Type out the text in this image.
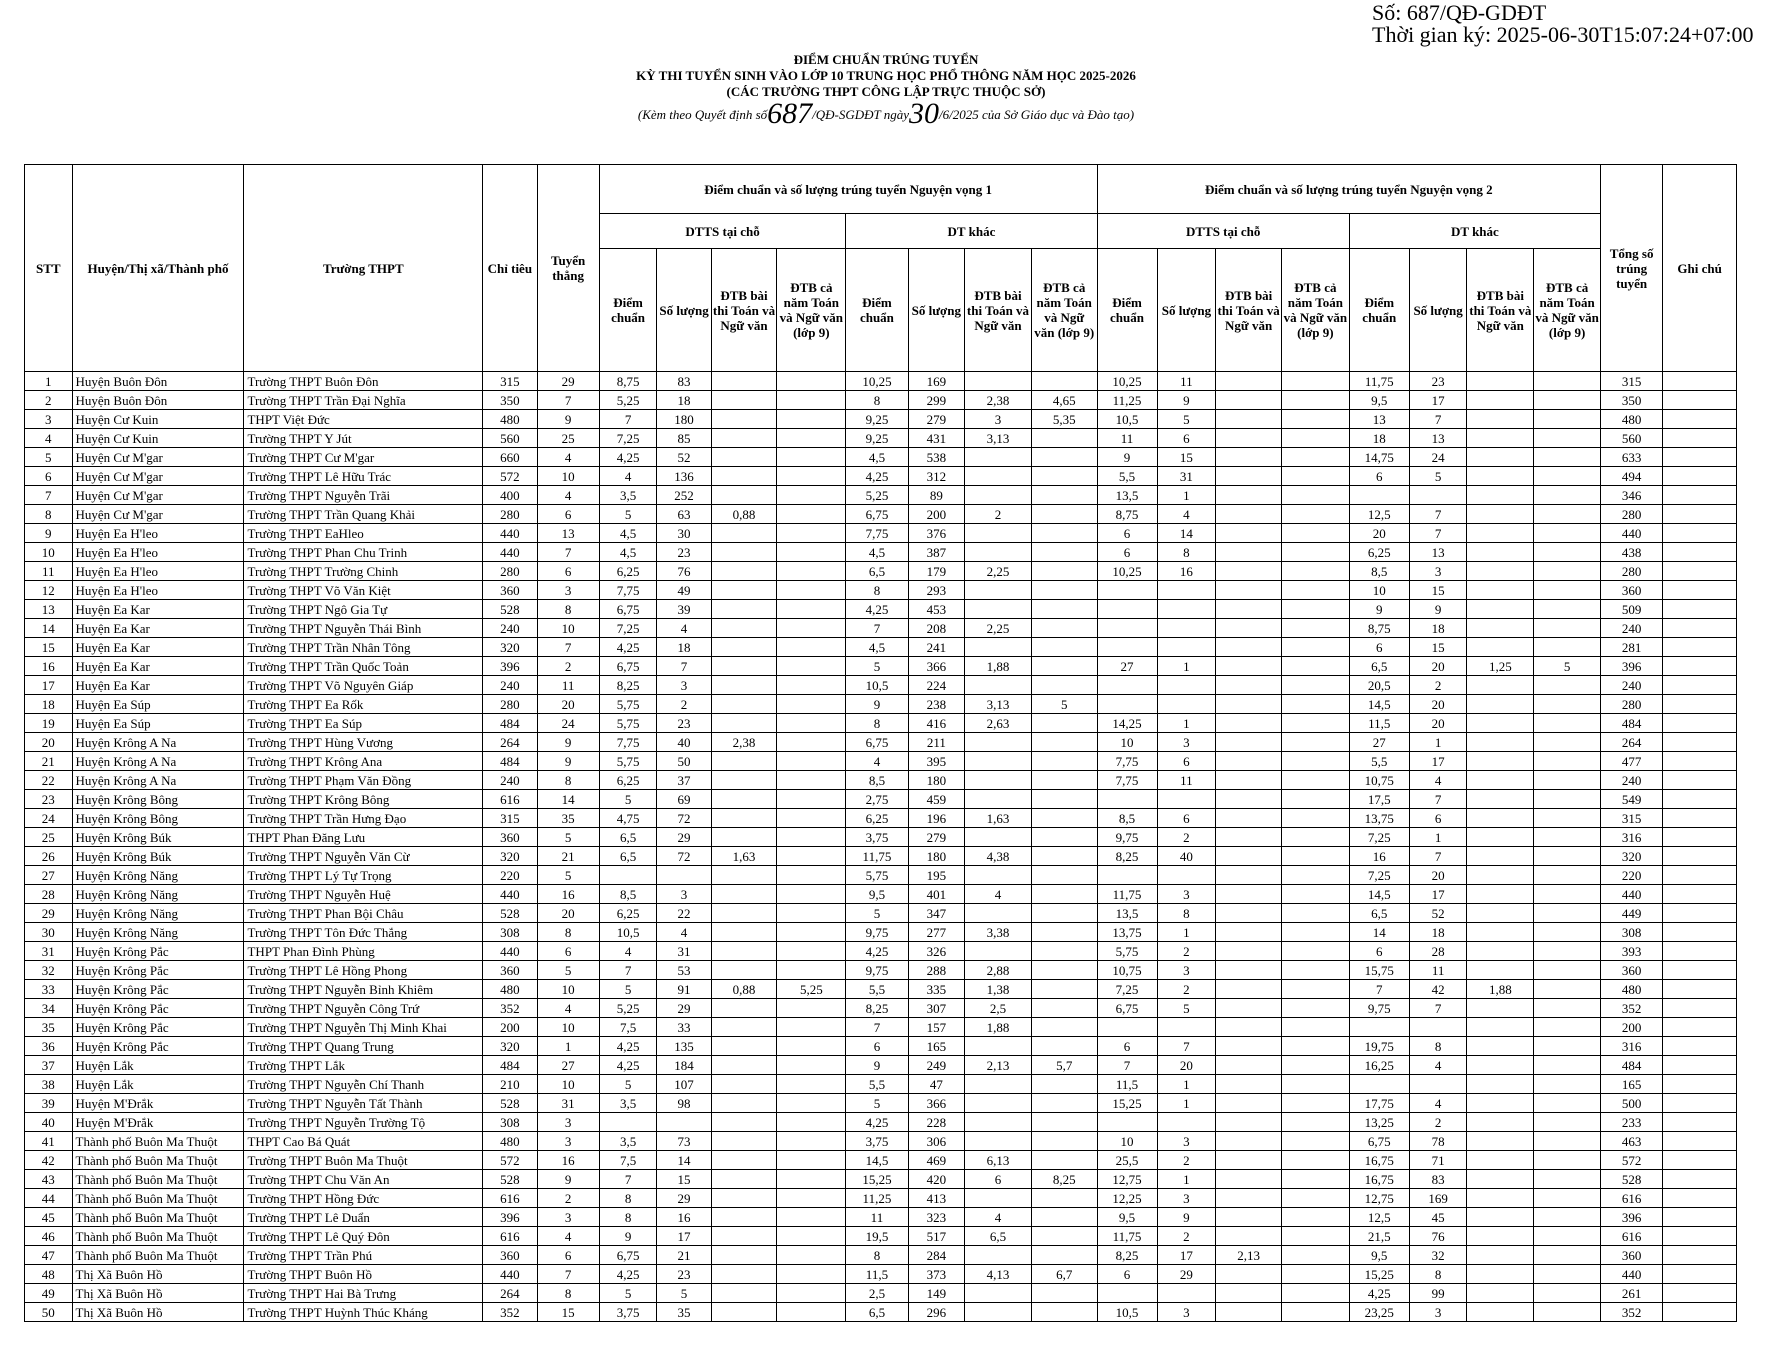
Số: 687/QĐ-GDĐT
Thời gian ký: 2025-06-30T15:07:24+07:00
ĐIỂM CHUẨN TRÚNG TUYỂN
KỲ THI TUYỂN SINH VÀO LỚP 10 TRUNG HỌC PHỔ THÔNG NĂM HỌC 2025-2026
(CÁC TRƯỜNG THPT CÔNG LẬP TRỰC THUỘC SỞ)
(Kèm theo Quyết định số687/QĐ-SGDĐT ngày30/6/2025 của Sở Giáo dục và Đào tạo)
STT	Huyện/Thị xã/Thành phố	Trường THPT	Chỉ tiêu	Tuyển thẳng	Điểm chuẩn và số lượng trúng tuyển Nguyện vọng 1								Điểm chuẩn và số lượng trúng tuyển Nguyện vọng 2								Tổng số trúng tuyển	Ghi chú
					DTTS tại chỗ				DT khác				DTTS tại chỗ				DT khác					
					Điểm chuẩn	Số lượng	ĐTB bài thi Toán và Ngữ văn	ĐTB cả năm Toán và Ngữ văn (lớp 9)	Điểm chuẩn	Số lượng	ĐTB bài thi Toán và Ngữ văn	ĐTB cả năm Toán và Ngữ văn (lớp 9)	Điểm chuẩn	Số lượng	ĐTB bài thi Toán và Ngữ văn	ĐTB cả năm Toán và Ngữ văn (lớp 9)	Điểm chuẩn	Số lượng	ĐTB bài thi Toán và Ngữ văn	ĐTB cả năm Toán và Ngữ văn (lớp 9)		
1	Huyện Buôn Đôn	Trường THPT Buôn Đôn	315	29	8,75	83			10,25	169			10,25	11			11,75	23			315	
2	Huyện Buôn Đôn	Trường THPT Trần Đại Nghĩa	350	7	5,25	18			8	299	2,38	4,65	11,25	9			9,5	17			350	
3	Huyện Cư Kuin	THPT Việt Đức	480	9	7	180			9,25	279	3	5,35	10,5	5			13	7			480	
4	Huyện Cư Kuin	Trường THPT Y Jút	560	25	7,25	85			9,25	431	3,13		11	6			18	13			560	
5	Huyện Cư M'gar	Trường THPT Cư M'gar	660	4	4,25	52			4,5	538			9	15			14,75	24			633	
6	Huyện Cư M'gar	Trường THPT Lê Hữu Trác	572	10	4	136			4,25	312			5,5	31			6	5			494	
7	Huyện Cư M'gar	Trường THPT Nguyễn Trãi	400	4	3,5	252			5,25	89			13,5	1							346	
8	Huyện Cư M'gar	Trường THPT Trần Quang Khải	280	6	5	63	0,88		6,75	200	2		8,75	4			12,5	7			280	
9	Huyện Ea H'leo	Trường THPT EaHleo	440	13	4,5	30			7,75	376			6	14			20	7			440	
10	Huyện Ea H'leo	Trường THPT Phan Chu Trinh	440	7	4,5	23			4,5	387			6	8			6,25	13			438	
11	Huyện Ea H'leo	Trường THPT Trường Chinh	280	6	6,25	76			6,5	179	2,25		10,25	16			8,5	3			280	
12	Huyện Ea H'leo	Trường THPT Võ Văn Kiệt	360	3	7,75	49			8	293							10	15			360	
13	Huyện Ea Kar	Trường THPT Ngô Gia Tự	528	8	6,75	39			4,25	453							9	9			509	
14	Huyện Ea Kar	Trường THPT Nguyễn Thái Bình	240	10	7,25	4			7	208	2,25						8,75	18			240	
15	Huyện Ea Kar	Trường THPT Trần Nhân Tông	320	7	4,25	18			4,5	241							6	15			281	
16	Huyện Ea Kar	Trường THPT Trần Quốc Toản	396	2	6,75	7			5	366	1,88		27	1			6,5	20	1,25	5	396	
17	Huyện Ea Kar	Trường THPT Võ Nguyên Giáp	240	11	8,25	3			10,5	224							20,5	2			240	
18	Huyện Ea Súp	Trường THPT Ea Rốk	280	20	5,75	2			9	238	3,13	5					14,5	20			280	
19	Huyện Ea Súp	Trường THPT Ea Súp	484	24	5,75	23			8	416	2,63		14,25	1			11,5	20			484	
20	Huyện Krông A Na	Trường THPT Hùng Vương	264	9	7,75	40	2,38		6,75	211			10	3			27	1			264	
21	Huyện Krông A Na	Trường THPT Krông Ana	484	9	5,75	50			4	395			7,75	6			5,5	17			477	
22	Huyện Krông A Na	Trường THPT Phạm Văn Đồng	240	8	6,25	37			8,5	180			7,75	11			10,75	4			240	
23	Huyện Krông Bông	Trường THPT Krông Bông	616	14	5	69			2,75	459							17,5	7			549	
24	Huyện Krông Bông	Trường THPT Trần Hưng Đạo	315	35	4,75	72			6,25	196	1,63		8,5	6			13,75	6			315	
25	Huyện Krông Búk	THPT Phan Đăng Lưu	360	5	6,5	29			3,75	279			9,75	2			7,25	1			316	
26	Huyện Krông Búk	Trường THPT Nguyễn Văn Cừ	320	21	6,5	72	1,63		11,75	180	4,38		8,25	40			16	7			320	
27	Huyện Krông Năng	Trường THPT Lý Tự Trọng	220	5					5,75	195							7,25	20			220	
28	Huyện Krông Năng	Trường THPT Nguyễn Huệ	440	16	8,5	3			9,5	401	4		11,75	3			14,5	17			440	
29	Huyện Krông Năng	Trường THPT Phan Bội Châu	528	20	6,25	22			5	347			13,5	8			6,5	52			449	
30	Huyện Krông Năng	Trường THPT Tôn Đức Thắng	308	8	10,5	4			9,75	277	3,38		13,75	1			14	18			308	
31	Huyện Krông Pắc	THPT Phan Đình Phùng	440	6	4	31			4,25	326			5,75	2			6	28			393	
32	Huyện Krông Pắc	Trường THPT Lê Hồng Phong	360	5	7	53			9,75	288	2,88		10,75	3			15,75	11			360	
33	Huyện Krông Pắc	Trường THPT Nguyễn Bỉnh Khiêm	480	10	5	91	0,88	5,25	5,5	335	1,38		7,25	2			7	42	1,88		480	
34	Huyện Krông Pắc	Trường THPT Nguyễn Công Trứ	352	4	5,25	29			8,25	307	2,5		6,75	5			9,75	7			352	
35	Huyện Krông Pắc	Trường THPT Nguyễn Thị Minh Khai	200	10	7,5	33			7	157	1,88										200	
36	Huyện Krông Pắc	Trường THPT Quang Trung	320	1	4,25	135			6	165			6	7			19,75	8			316	
37	Huyện Lắk	Trường THPT Lắk	484	27	4,25	184			9	249	2,13	5,7	7	20			16,25	4			484	
38	Huyện Lắk	Trường THPT Nguyễn Chí Thanh	210	10	5	107			5,5	47			11,5	1							165	
39	Huyện M'Đrắk	Trường THPT Nguyễn Tất Thành	528	31	3,5	98			5	366			15,25	1			17,75	4			500	
40	Huyện M'Đrắk	Trường THPT Nguyễn Trường Tộ	308	3					4,25	228							13,25	2			233	
41	Thành phố Buôn Ma Thuột	THPT Cao Bá Quát	480	3	3,5	73			3,75	306			10	3			6,75	78			463	
42	Thành phố Buôn Ma Thuột	Trường THPT Buôn Ma Thuột	572	16	7,5	14			14,5	469	6,13		25,5	2			16,75	71			572	
43	Thành phố Buôn Ma Thuột	Trường THPT Chu Văn An	528	9	7	15			15,25	420	6	8,25	12,75	1			16,75	83			528	
44	Thành phố Buôn Ma Thuột	Trường THPT Hồng Đức	616	2	8	29			11,25	413			12,25	3			12,75	169			616	
45	Thành phố Buôn Ma Thuột	Trường THPT Lê Duẩn	396	3	8	16			11	323	4		9,5	9			12,5	45			396	
46	Thành phố Buôn Ma Thuột	Trường THPT Lê Quý Đôn	616	4	9	17			19,5	517	6,5		11,75	2			21,5	76			616	
47	Thành phố Buôn Ma Thuột	Trường THPT Trần Phú	360	6	6,75	21			8	284			8,25	17	2,13		9,5	32			360	
48	Thị Xã Buôn Hồ	Trường THPT Buôn Hồ	440	7	4,25	23			11,5	373	4,13	6,7	6	29			15,25	8			440	
49	Thị Xã Buôn Hồ	Trường THPT Hai Bà Trưng	264	8	5	5			2,5	149							4,25	99			261	
50	Thị Xã Buôn Hồ	Trường THPT Huỳnh Thúc Kháng	352	15	3,75	35			6,5	296			10,5	3			23,25	3			352	
